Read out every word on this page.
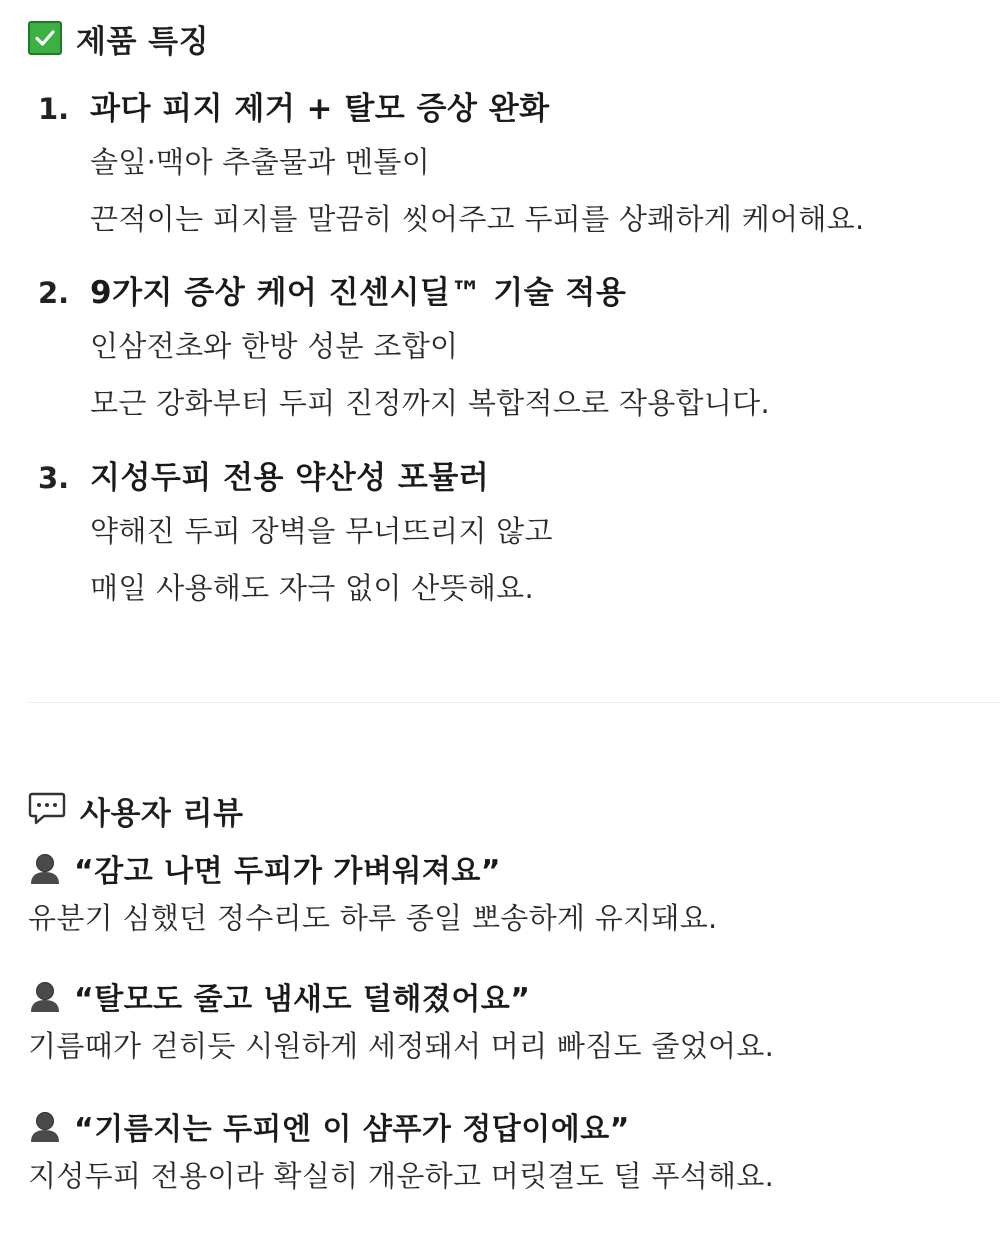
제품 특징
1. 과다 피지 제거 + 탈모 증상 완화
솔잎·맥아 추출물과 멘톨이
끈적이는 피지를 말끔히 씻어주고 두피를 상쾌하게 케어해요.
2. 9가지 증상 케어 진센시딜™ 기술 적용
인삼전초와 한방 성분 조합이
모근 강화부터 두피 진정까지 복합적으로 작용합니다.
3. 지성두피 전용 약산성 포뮬러
약해진 두피 장벽을 무너뜨리지 않고
매일 사용해도 자극 없이 산뜻해요.
사용자 리뷰
“감고 나면 두피가 가벼워져요”
유분기 심했던 정수리도 하루 종일 뽀송하게 유지돼요.
“탈모도 줄고 냄새도 덜해졌어요”
기름때가 걷히듯 시원하게 세정돼서 머리 빠짐도 줄었어요.
“기름지는 두피엔 이 샴푸가 정답이에요”
지성두피 전용이라 확실히 개운하고 머릿결도 덜 푸석해요.
